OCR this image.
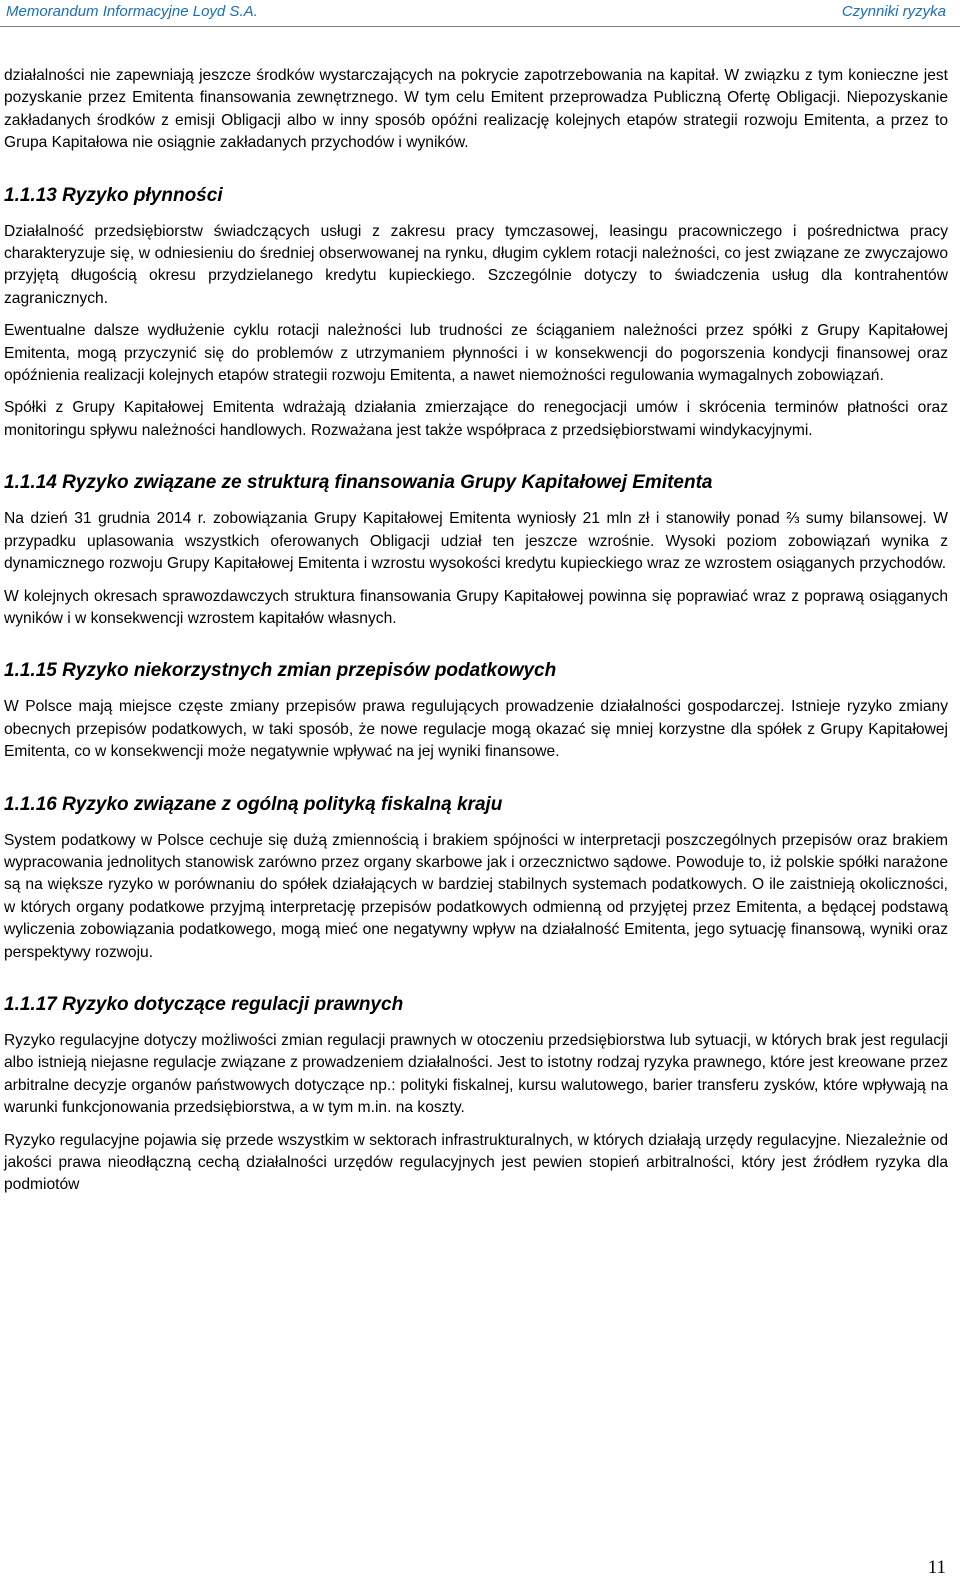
Memorandum Informacyjne Loyd S.A.	Czynniki ryzyka

działalności nie zapewniają jeszcze środków wystarczających na pokrycie zapotrzebowania na kapitał. W związku z tym konieczne jest pozyskanie przez Emitenta finansowania zewnętrznego. W tym celu Emitent przeprowadza Publiczną Ofertę Obligacji. Niepozyskanie zakładanych środków z emisji Obligacji albo w inny sposób opóźni realizację kolejnych etapów strategii rozwoju Emitenta, a przez to Grupa Kapitałowa nie osiągnie zakładanych przychodów i wyników.

1.1.13 Ryzyko płynności

Działalność przedsiębiorstw świadczących usługi z zakresu pracy tymczasowej, leasingu pracowniczego i pośrednictwa pracy charakteryzuje się, w odniesieniu do średniej obserwowanej na rynku, długim cyklem rotacji należności, co jest związane ze zwyczajowo przyjętą długością okresu przydzielanego kredytu kupieckiego. Szczególnie dotyczy to świadczenia usług dla kontrahentów zagranicznych.

Ewentualne dalsze wydłużenie cyklu rotacji należności lub trudności ze ściąganiem należności przez spółki z Grupy Kapitałowej Emitenta, mogą przyczynić się do problemów z utrzymaniem płynności i w konsekwencji do pogorszenia kondycji finansowej oraz opóźnienia realizacji kolejnych etapów strategii rozwoju Emitenta, a nawet niemożności regulowania wymagalnych zobowiązań.

Spółki z Grupy Kapitałowej Emitenta wdrażają działania zmierzające do renegocjacji umów i skrócenia terminów płatności oraz monitoringu spływu należności handlowych. Rozważana jest także współpraca z przedsiębiorstwami windykacyjnymi.

1.1.14 Ryzyko związane ze strukturą finansowania Grupy Kapitałowej Emitenta

Na dzień 31 grudnia 2014 r. zobowiązania Grupy Kapitałowej Emitenta wyniosły 21 mln zł i stanowiły ponad ⅔ sumy bilansowej. W przypadku uplasowania wszystkich oferowanych Obligacji udział ten jeszcze wzrośnie. Wysoki poziom zobowiązań wynika z dynamicznego rozwoju Grupy Kapitałowej Emitenta i wzrostu wysokości kredytu kupieckiego wraz ze wzrostem osiąganych przychodów.

W kolejnych okresach sprawozdawczych struktura finansowania Grupy Kapitałowej powinna się poprawiać wraz z poprawą osiąganych wyników i w konsekwencji wzrostem kapitałów własnych.

1.1.15 Ryzyko niekorzystnych zmian przepisów podatkowych

W Polsce mają miejsce częste zmiany przepisów prawa regulujących prowadzenie działalności gospodarczej. Istnieje ryzyko zmiany obecnych przepisów podatkowych, w taki sposób, że nowe regulacje mogą okazać się mniej korzystne dla spółek z Grupy Kapitałowej Emitenta, co w konsekwencji może negatywnie wpływać na jej wyniki finansowe.

1.1.16 Ryzyko związane z ogólną polityką fiskalną kraju

System podatkowy w Polsce cechuje się dużą zmiennością i brakiem spójności w interpretacji poszczególnych przepisów oraz brakiem wypracowania jednolitych stanowisk zarówno przez organy skarbowe jak i orzecznictwo sądowe. Powoduje to, iż polskie spółki narażone są na większe ryzyko w porównaniu do spółek działających w bardziej stabilnych systemach podatkowych. O ile zaistnieją okoliczności, w których organy podatkowe przyjmą interpretację przepisów podatkowych odmienną od przyjętej przez Emitenta, a będącej podstawą wyliczenia zobowiązania podatkowego, mogą mieć one negatywny wpływ na działalność Emitenta, jego sytuację finansową, wyniki oraz perspektywy rozwoju.

1.1.17 Ryzyko dotyczące regulacji prawnych

Ryzyko regulacyjne dotyczy możliwości zmian regulacji prawnych w otoczeniu przedsiębiorstwa lub sytuacji, w których brak jest regulacji albo istnieją niejasne regulacje związane z prowadzeniem działalności. Jest to istotny rodzaj ryzyka prawnego, które jest kreowane przez arbitralne decyzje organów państwowych dotyczące np.: polityki fiskalnej, kursu walutowego, barier transferu zysków, które wpływają na warunki funkcjonowania przedsiębiorstwa, a w tym m.in. na koszty.

Ryzyko regulacyjne pojawia się przede wszystkim w sektorach infrastrukturalnych, w których działają urzędy regulacyjne. Niezależnie od jakości prawa nieodłączną cechą działalności urzędów regulacyjnych jest pewien stopień arbitralności, który jest źródłem ryzyka dla podmiotów

11
